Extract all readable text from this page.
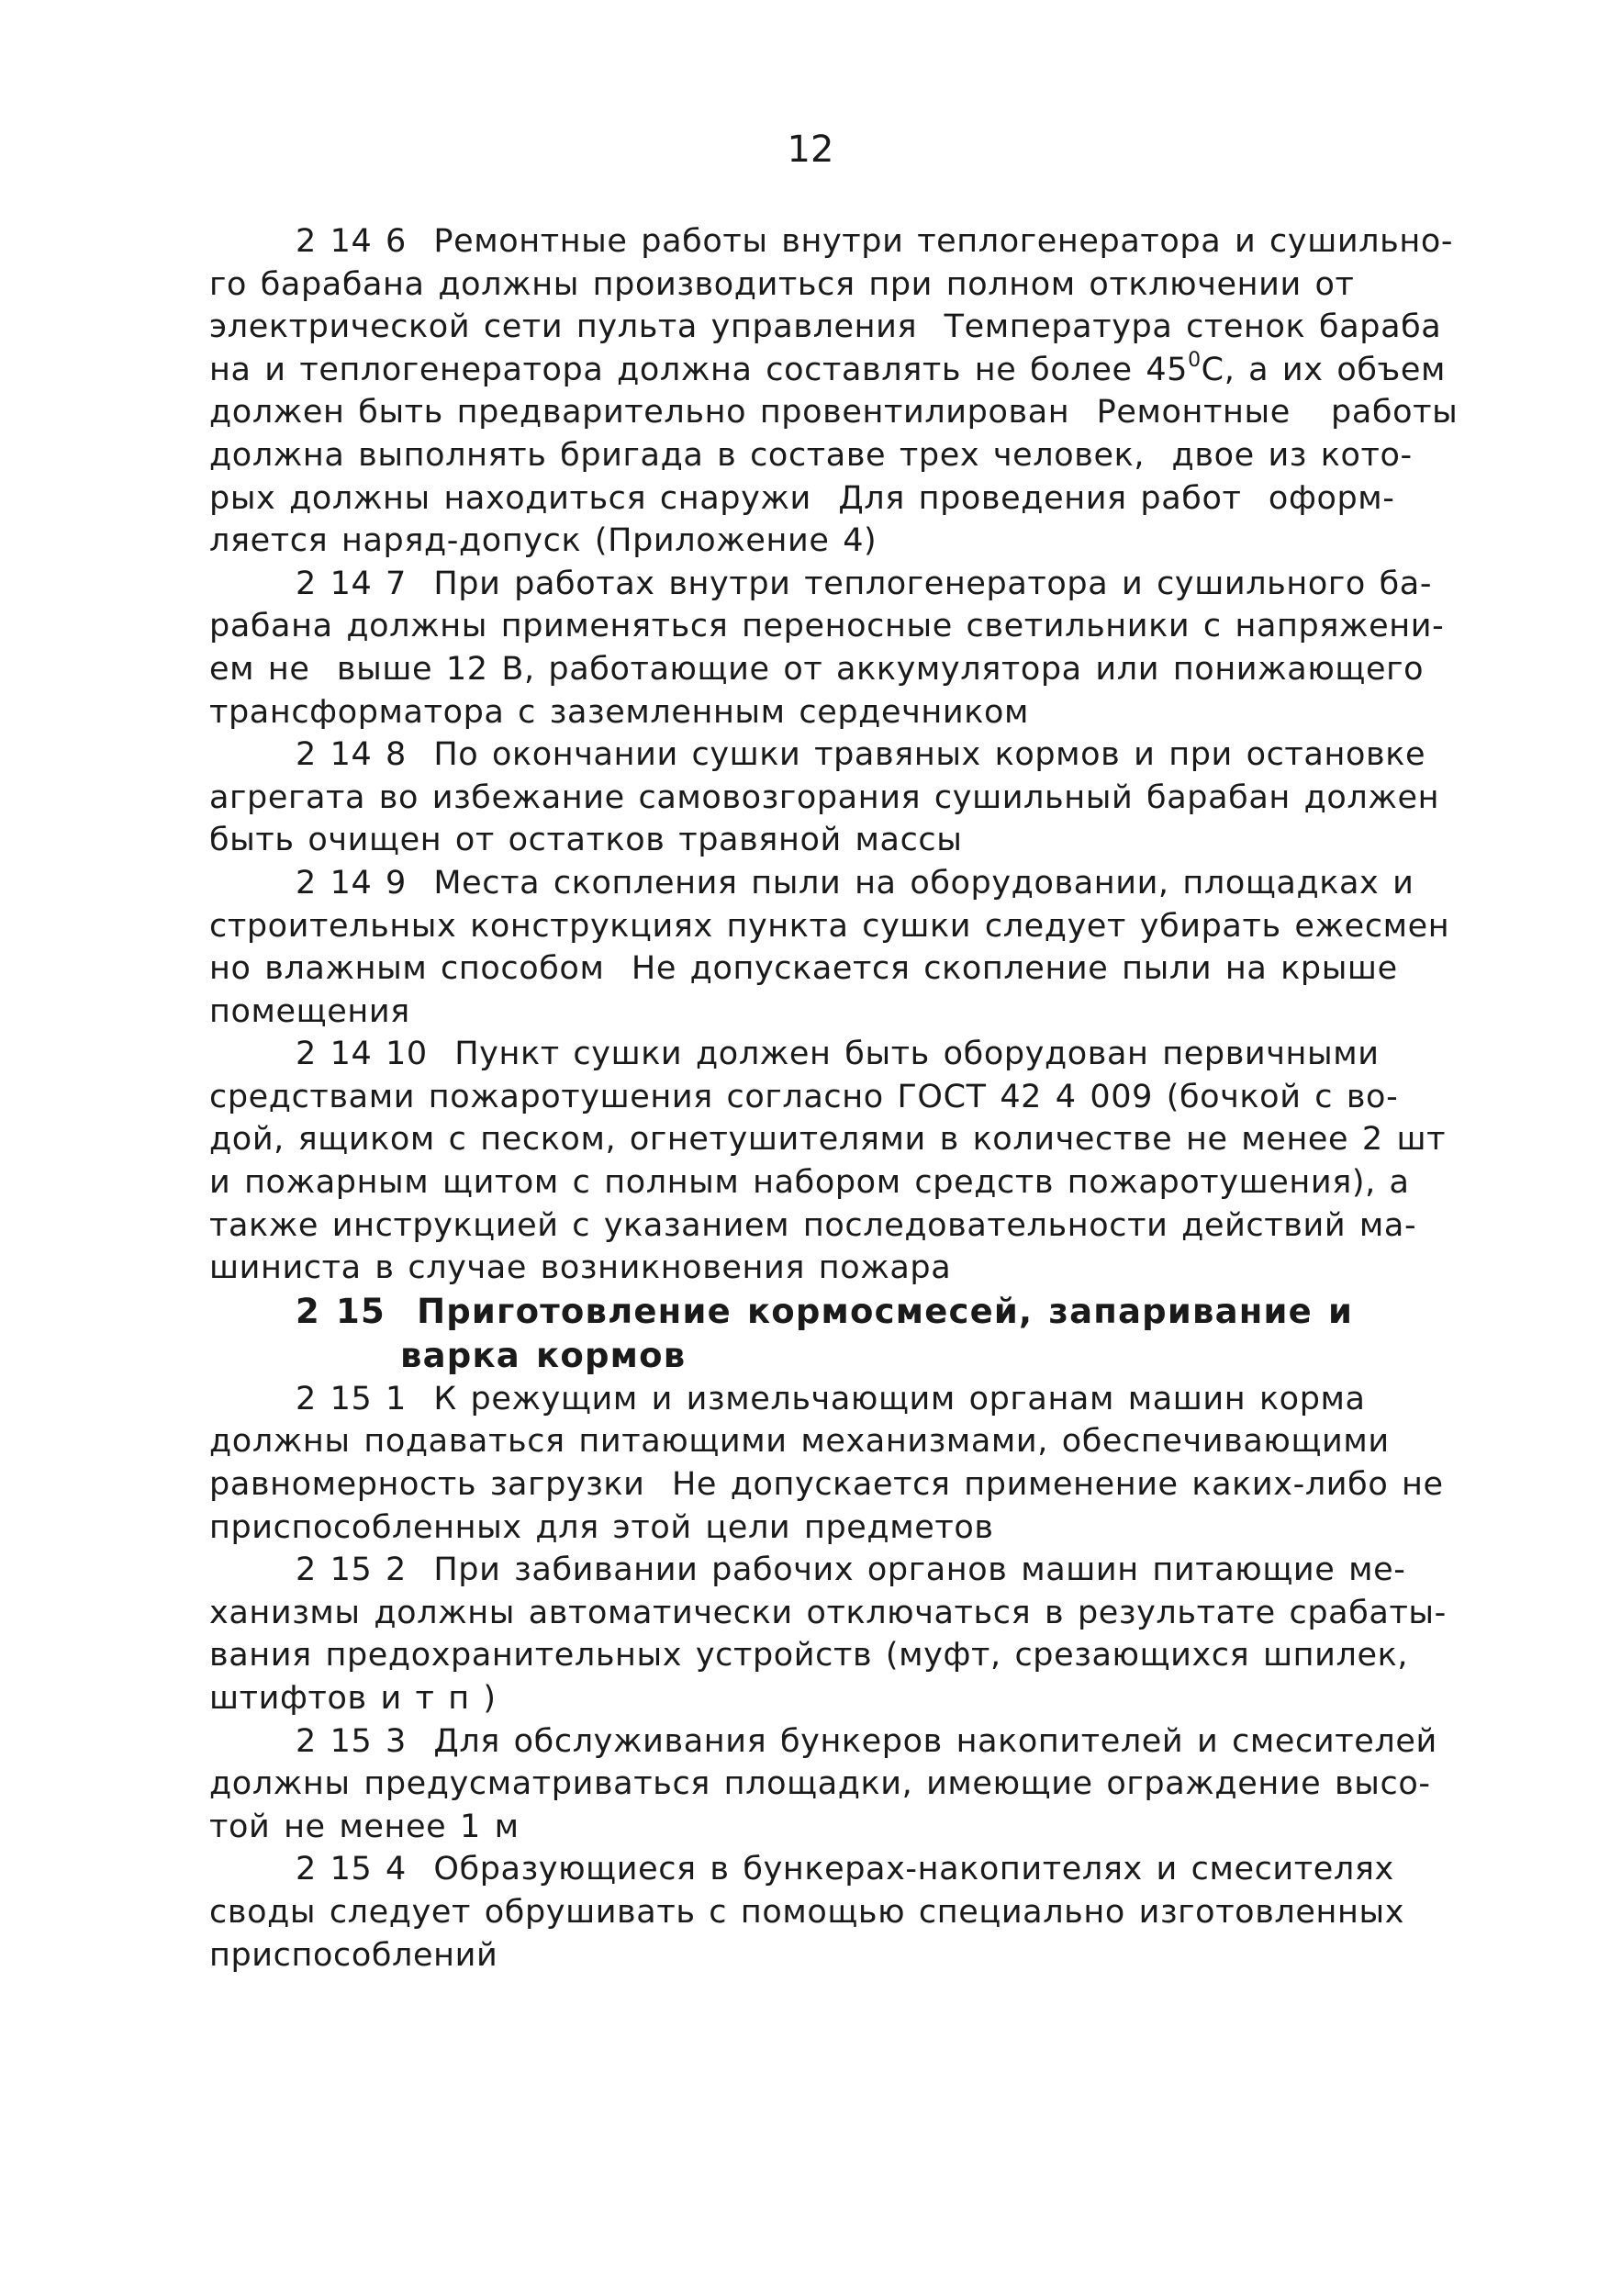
12
2 14 6  Ремонтные работы внутри теплогенератора и сушильно-
го барабана должны производиться при полном отключении от
электрической сети пульта управления  Температура стенок бараба
на и теплогенератора должна составлять не более $45^0С$, а их объем
должен быть предварительно провентилирован  Ремонтные   работы
должна выполнять бригада в составе трех человек,  двое из кото-
рых должны находиться снаружи  Для проведения работ  оформ-
ляется наряд-допуск (Приложение 4)
2 14 7  При работах внутри теплогенератора и сушильного ба-
рабана должны применяться переносные светильники с напряжени-
ем не  выше 12 В, работающие от аккумулятора или понижающего
трансформатора с заземленным сердечником
2 14 8  По окончании сушки травяных кормов и при остановке
агрегата во избежание самовозгорания сушильный барабан должен
быть очищен от остатков травяной массы
2 14 9  Места скопления пыли на оборудовании, площадках и
строительных конструкциях пункта сушки следует убирать ежесмен
но влажным способом  Не допускается скопление пыли на крыше
помещения
2 14 10  Пункт сушки должен быть оборудован первичными
средствами пожаротушения согласно ГОСТ 42 4 009 (бочкой с во-
дой, ящиком с песком, огнетушителями в количестве не менее 2 шт
и пожарным щитом с полным набором средств пожаротушения), а
также инструкцией с указанием последовательности действий ма-
шиниста в случае возникновения пожара
2 15  Приготовление кормосмесей, запаривание и
варка кормов
2 15 1  К режущим и измельчающим органам машин корма
должны подаваться питающими механизмами, обеспечивающими
равномерность загрузки  Не допускается применение каких-либо не
приспособленных для этой цели предметов
2 15 2  При забивании рабочих органов машин питающие ме-
ханизмы должны автоматически отключаться в результате срабаты-
вания предохранительных устройств (муфт, срезающихся шпилек,
штифтов и т п )
2 15 3  Для обслуживания бункеров накопителей и смесителей
должны предусматриваться площадки, имеющие ограждение высо-
той не менее 1 м
2 15 4  Образующиеся в бункерах-накопителях и смесителях
своды следует обрушивать с помощью специально изготовленных
приспособлений
